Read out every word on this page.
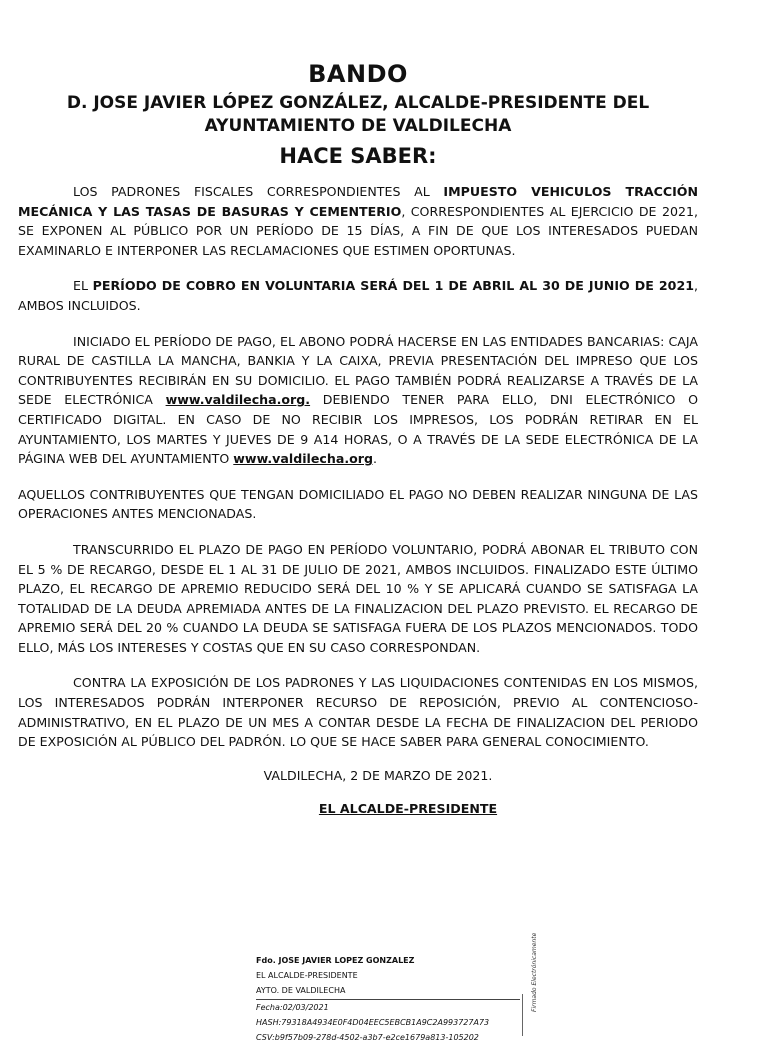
BANDO
D. JOSE JAVIER LÓPEZ GONZÁLEZ, ALCALDE-PRESIDENTE DEL AYUNTAMIENTO DE VALDILECHA
HACE SABER:

LOS PADRONES FISCALES CORRESPONDIENTES AL IMPUESTO VEHICULOS TRACCIÓN MECÁNICA Y LAS TASAS DE BASURAS Y CEMENTERIO, CORRESPONDIENTES AL EJERCICIO DE 2021, SE EXPONEN AL PÚBLICO POR UN PERÍODO DE 15 DÍAS, A FIN DE QUE LOS INTERESADOS PUEDAN EXAMINARLO E INTERPONER LAS RECLAMACIONES QUE ESTIMEN OPORTUNAS.

EL PERÍODO DE COBRO EN VOLUNTARIA SERÁ DEL 1 DE ABRIL AL 30 DE JUNIO DE 2021, AMBOS INCLUIDOS.

INICIADO EL PERÍODO DE PAGO, EL ABONO PODRÁ HACERSE EN LAS ENTIDADES BANCARIAS: CAJA RURAL DE CASTILLA LA MANCHA, BANKIA Y LA CAIXA, PREVIA PRESENTACIÓN DEL IMPRESO QUE LOS CONTRIBUYENTES RECIBIRÁN EN SU DOMICILIO. EL PAGO TAMBIÉN PODRÁ REALIZARSE A TRAVÉS DE LA SEDE ELECTRÓNICA www.valdilecha.org. DEBIENDO TENER PARA ELLO, DNI ELECTRÓNICO O CERTIFICADO DIGITAL. EN CASO DE NO RECIBIR LOS IMPRESOS, LOS PODRÁN RETIRAR EN EL AYUNTAMIENTO, LOS MARTES Y JUEVES DE 9 A14 HORAS, O A TRAVÉS DE LA SEDE ELECTRÓNICA DE LA PÁGINA WEB DEL AYUNTAMIENTO www.valdilecha.org.

AQUELLOS CONTRIBUYENTES QUE TENGAN DOMICILIADO EL PAGO NO DEBEN REALIZAR NINGUNA DE LAS OPERACIONES ANTES MENCIONADAS.

TRANSCURRIDO EL PLAZO DE PAGO EN PERÍODO VOLUNTARIO, PODRÁ ABONAR EL TRIBUTO CON EL 5 % DE RECARGO, DESDE EL 1 AL 31 DE JULIO DE 2021, AMBOS INCLUIDOS. FINALIZADO ESTE ÚLTIMO PLAZO, EL RECARGO DE APREMIO REDUCIDO SERÁ DEL 10 % Y SE APLICARÁ CUANDO SE SATISFAGA LA TOTALIDAD DE LA DEUDA APREMIADA ANTES DE LA FINALIZACION DEL PLAZO PREVISTO. EL RECARGO DE APREMIO SERÁ DEL 20 % CUANDO LA DEUDA SE SATISFAGA FUERA DE LOS PLAZOS MENCIONADOS. TODO ELLO, MÁS LOS INTERESES Y COSTAS QUE EN SU CASO CORRESPONDAN.

CONTRA LA EXPOSICIÓN DE LOS PADRONES Y LAS LIQUIDACIONES CONTENIDAS EN LOS MISMOS, LOS INTERESADOS PODRÁN INTERPONER RECURSO DE REPOSICIÓN, PREVIO AL CONTENCIOSO-ADMINISTRATIVO, EN EL PLAZO DE UN MES A CONTAR DESDE LA FECHA DE FINALIZACION DEL PERIODO DE EXPOSICIÓN AL PÚBLICO DEL PADRÓN. LO QUE SE HACE SABER PARA GENERAL CONOCIMIENTO.

VALDILECHA, 2 DE MARZO DE 2021.
EL ALCALDE-PRESIDENTE
Fdo. JOSE JAVIER LOPEZ GONZALEZ
EL ALCALDE-PRESIDENTE
AYTO. DE VALDILECHA
Fecha:02/03/2021
HASH:79318A4934E0F4D04EEC5EBCB1A9C2A993727A73
CSV:b9f57b09-278d-4502-a3b7-e2ce1679a813-105202
Firmado Electrónicamente
